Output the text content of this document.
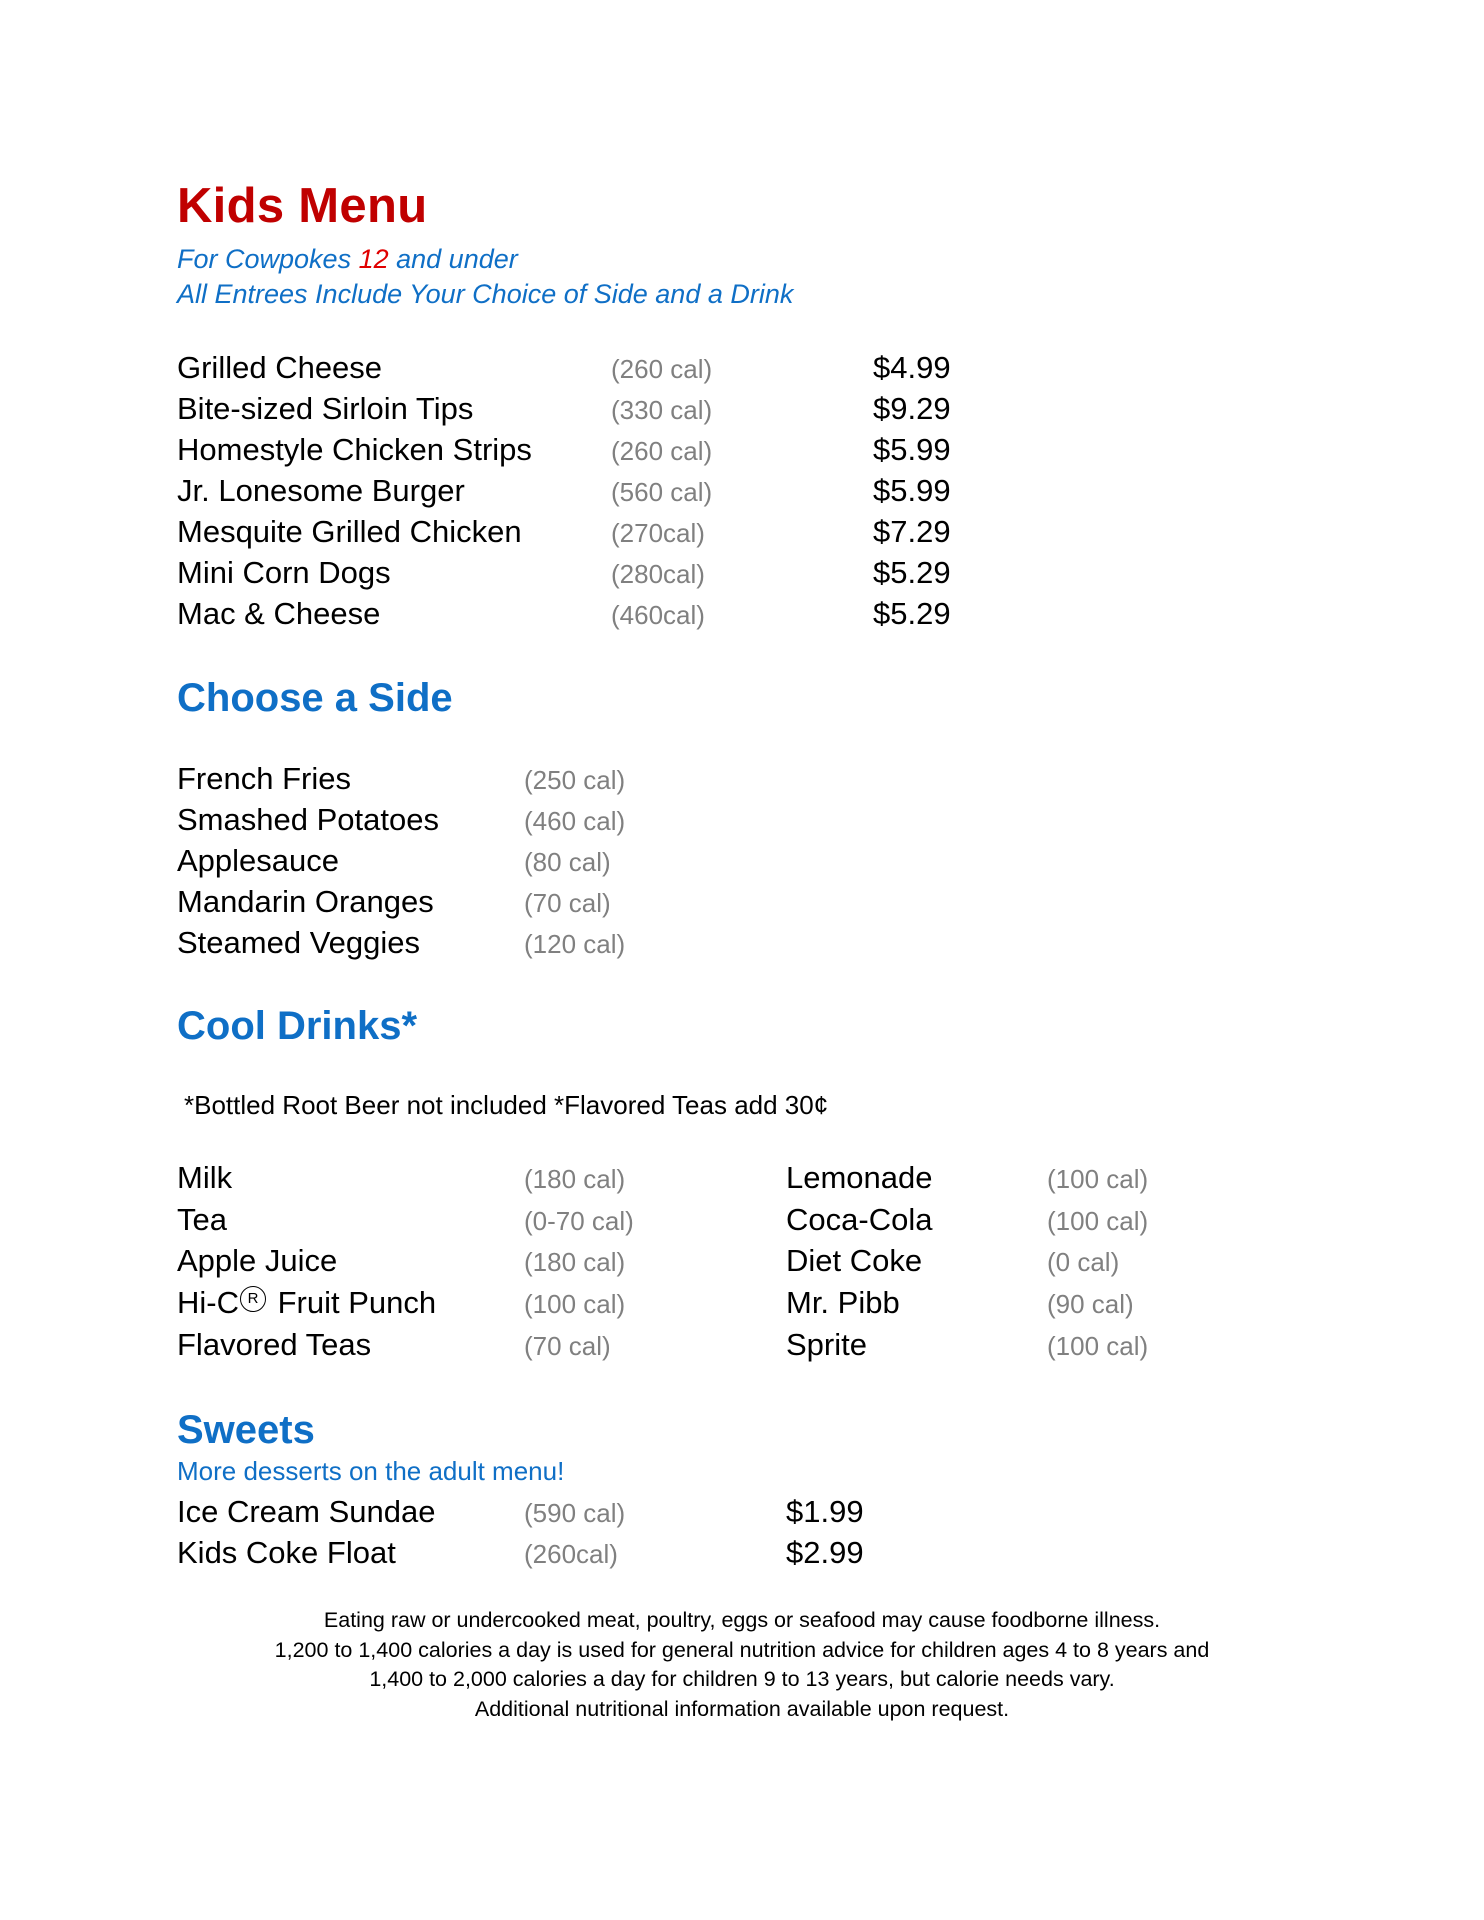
Kids Menu
For Cowpokes 12 and under
All Entrees Include Your Choice of Side and a Drink
Grilled Cheese	(260 cal)	$4.99
Bite-sized Sirloin Tips	(330 cal)	$9.29
Homestyle Chicken Strips	(260 cal)	$5.99
Jr. Lonesome Burger	(560 cal)	$5.99
Mesquite Grilled Chicken	(270cal)	$7.29
Mini Corn Dogs	(280cal)	$5.29
Mac & Cheese	(460cal)	$5.29
Choose a Side
French Fries	(250 cal)
Smashed Potatoes	(460 cal)
Applesauce	(80 cal)
Mandarin Oranges	(70 cal)
Steamed Veggies	(120 cal)
Cool Drinks*
*Bottled Root Beer not included *Flavored Teas add 30¢
Milk	(180 cal)	Lemonade	(100 cal)
Tea	(0-70 cal)	Coca-Cola	(100 cal)
Apple Juice	(180 cal)	Diet Coke	(0 cal)
Hi-C R Fruit Punch	(100 cal)	Mr. Pibb	(90 cal)
Flavored Teas	(70 cal)	Sprite	(100 cal)
Sweets
More desserts on the adult menu!
Ice Cream Sundae	(590 cal)	$1.99
Kids Coke Float	(260cal)	$2.99
Eating raw or undercooked meat, poultry, eggs or seafood may cause foodborne illness.
1,200 to 1,400 calories a day is used for general nutrition advice for children ages 4 to 8 years and
1,400 to 2,000 calories a day for children 9 to 13 years, but calorie needs vary.
Additional nutritional information available upon request.
